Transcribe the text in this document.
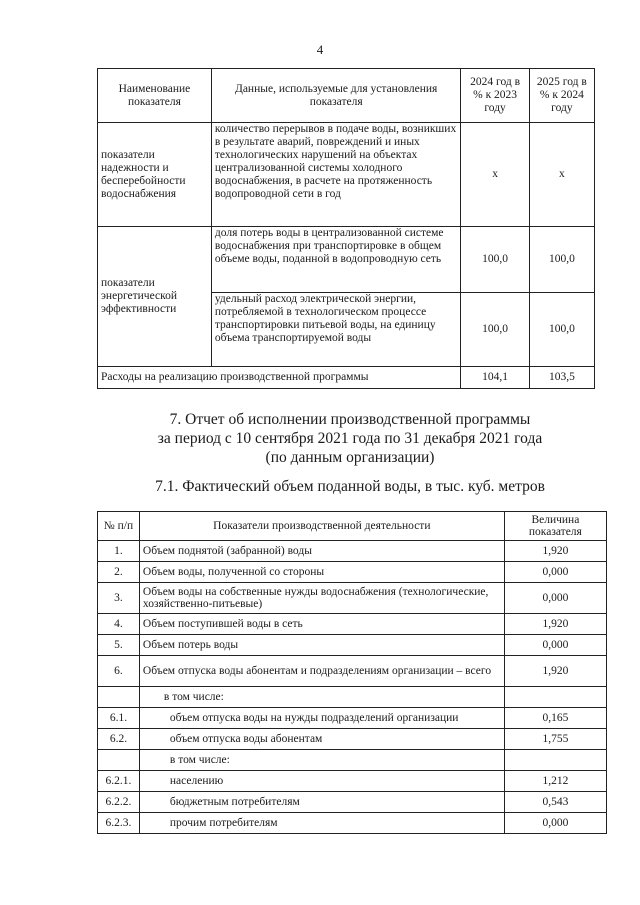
4
Наименование показателя	Данные, используемые для установления показателя	2024 год в % к 2023 году	2025 год в % к 2024 году
показатели надежности и бесперебойности водоснабжения	количество перерывов в подаче воды, возникших в результате аварий, повреждений и иных технологических нарушений на объектах централизованной системы холодного водоснабжения, в расчете на протяженность водопроводной сети в год	х	х
показатели энергетической эффективности	доля потерь воды в централизованной системе водоснабжения при транспортировке в общем объеме воды, поданной в водопроводную сеть	100,0	100,0
	удельный расход электрической энергии, потребляемой в технологическом процессе транспортировки питьевой воды, на единицу объема транспортируемой воды	100,0	100,0
Расходы на реализацию производственной программы		104,1	103,5
7. Отчет об исполнении производственной программы
за период с 10 сентября 2021 года по 31 декабря 2021 года
(по данным организации)
7.1. Фактический объем поданной воды, в тыс. куб. метров
№ п/п	Показатели производственной деятельности	Величина показателя
1.	Объем поднятой (забранной) воды	1,920
2.	Объем воды, полученной со стороны	0,000
3.	Объем воды на собственные нужды водоснабжения (технологические, хозяйственно-питьевые)	0,000
4.	Объем поступившей воды в сеть	1,920
5.	Объем потерь воды	0,000
6.	Объем отпуска воды абонентам и подразделениям организации – всего	1,920
	в том числе:	
6.1.	объем отпуска воды на нужды подразделений организации	0,165
6.2.	объем отпуска воды абонентам	1,755
	в том числе:	
6.2.1.	населению	1,212
6.2.2.	бюджетным потребителям	0,543
6.2.3.	прочим потребителям	0,000
